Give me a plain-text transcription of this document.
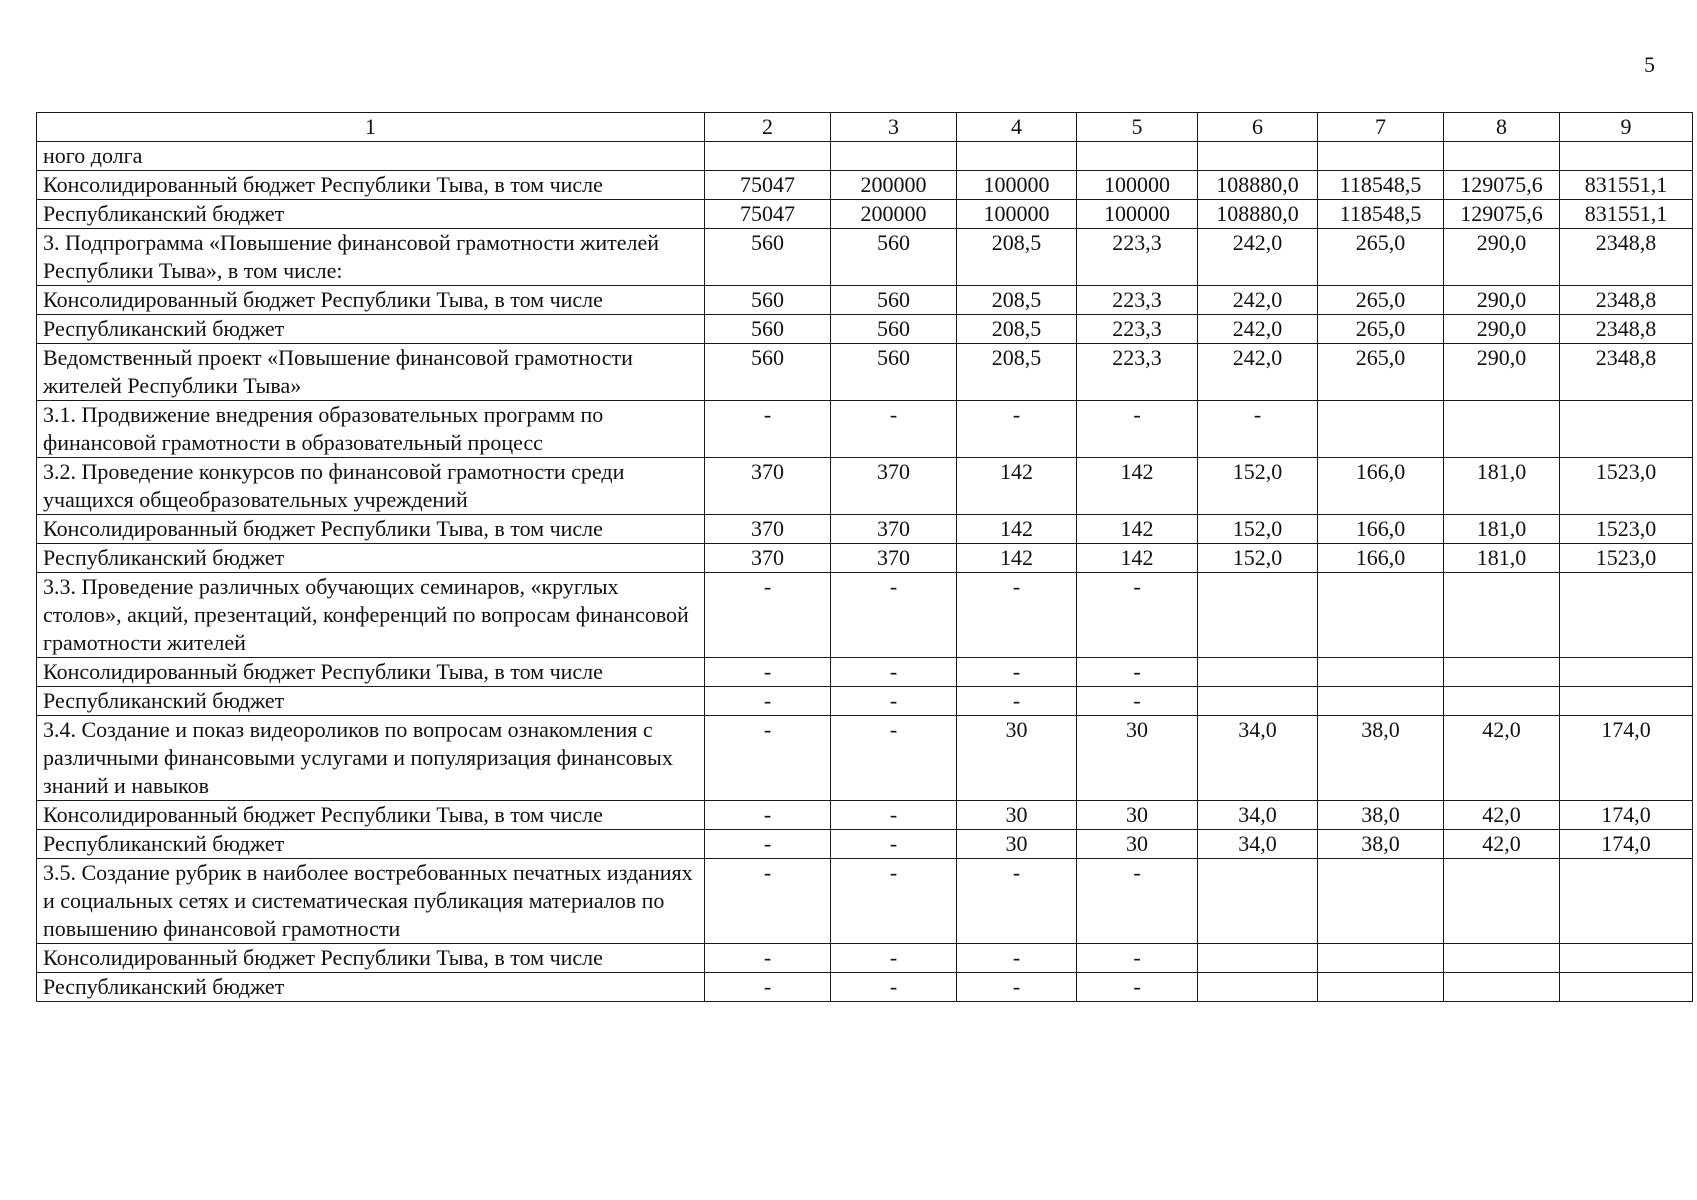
5
1	2	3	4	5	6	7	8	9
ного долга								
Консолидированный бюджет Республики Тыва, в том числе	75047	200000	100000	100000	108880,0	118548,5	129075,6	831551,1
Республиканский бюджет	75047	200000	100000	100000	108880,0	118548,5	129075,6	831551,1
3. Подпрограмма «Повышение финансовой грамотности жителей Республики Тыва», в том числе:	560	560	208,5	223,3	242,0	265,0	290,0	2348,8
Консолидированный бюджет Республики Тыва, в том числе	560	560	208,5	223,3	242,0	265,0	290,0	2348,8
Республиканский бюджет	560	560	208,5	223,3	242,0	265,0	290,0	2348,8
Ведомственный проект «Повышение финансовой грамотности жителей Республики Тыва»	560	560	208,5	223,3	242,0	265,0	290,0	2348,8
3.1. Продвижение внедрения образовательных программ по финансовой грамотности в образовательный процесс	-	-	-	-	-			
3.2. Проведение конкурсов по финансовой грамотности среди учащихся общеобразовательных учреждений	370	370	142	142	152,0	166,0	181,0	1523,0
Консолидированный бюджет Республики Тыва, в том числе	370	370	142	142	152,0	166,0	181,0	1523,0
Республиканский бюджет	370	370	142	142	152,0	166,0	181,0	1523,0
3.3. Проведение различных обучающих семинаров, «круглых столов», акций, презентаций, конференций по вопросам финансовой грамотности жителей	-	-	-	-				
Консолидированный бюджет Республики Тыва, в том числе	-	-	-	-				
Республиканский бюджет	-	-	-	-				
3.4. Создание и показ видеороликов по вопросам ознакомления с различными финансовыми услугами и популяризация финансовых знаний и навыков	-	-	30	30	34,0	38,0	42,0	174,0
Консолидированный бюджет Республики Тыва, в том числе	-	-	30	30	34,0	38,0	42,0	174,0
Республиканский бюджет	-	-	30	30	34,0	38,0	42,0	174,0
3.5. Создание рубрик в наиболее востребованных печатных изданиях и социальных сетях и систематическая публикация материалов по повышению финансовой грамотности	-	-	-	-				
Консолидированный бюджет Республики Тыва, в том числе	-	-	-	-				
Республиканский бюджет	-	-	-	-				
